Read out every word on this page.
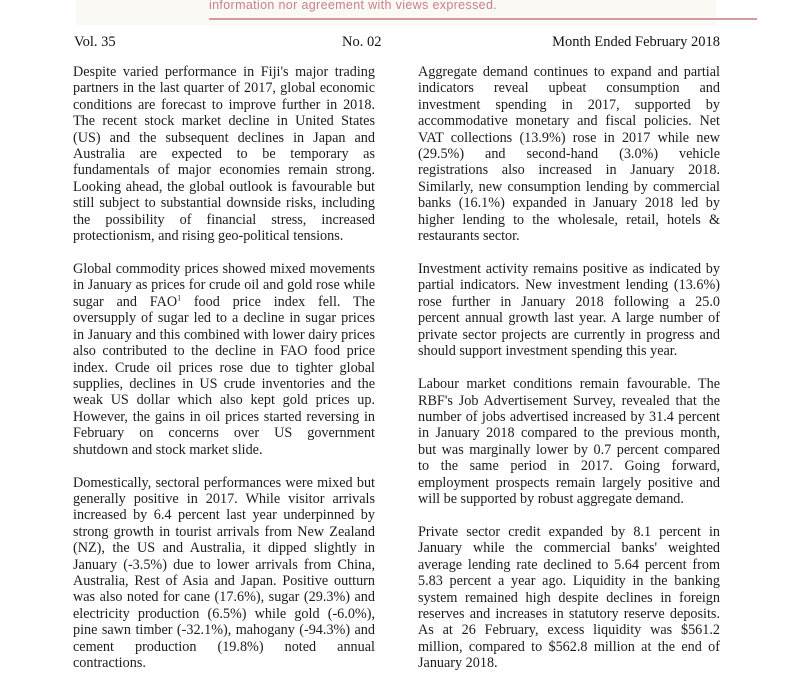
information nor agreement with views expressed.
Vol. 35	No. 02	Month Ended February 2018

Despite varied performance in Fiji's major trading partners in the last quarter of 2017, global economic conditions are forecast to improve further in 2018. The recent stock market decline in United States (US) and the subsequent declines in Japan and Australia are expected to be temporary as fundamentals of major economies remain strong. Looking ahead, the global outlook is favourable but still subject to substantial downside risks, including the possibility of financial stress, increased protectionism, and rising geo-political tensions.

Global commodity prices showed mixed movements in January as prices for crude oil and gold rose while sugar and FAO$^1$ food price index fell. The oversupply of sugar led to a decline in sugar prices in January and this combined with lower dairy prices also contributed to the decline in FAO food price index. Crude oil prices rose due to tighter global supplies, declines in US crude inventories and the weak US dollar which also kept gold prices up. However, the gains in oil prices started reversing in February on concerns over US government shutdown and stock market slide.

Domestically, sectoral performances were mixed but generally positive in 2017. While visitor arrivals increased by 6.4 percent last year underpinned by strong growth in tourist arrivals from New Zealand (NZ), the US and Australia, it dipped slightly in January (-3.5%) due to lower arrivals from China, Australia, Rest of Asia and Japan. Positive outturn was also noted for cane (17.6%), sugar (29.3%) and electricity production (6.5%) while gold (-6.0%), pine sawn timber (-32.1%), mahogany (-94.3%) and cement production (19.8%) noted annual contractions.

Aggregate demand continues to expand and partial indicators reveal upbeat consumption and investment spending in 2017, supported by accommodative monetary and fiscal policies. Net VAT collections (13.9%) rose in 2017 while new (29.5%) and second-hand (3.0%) vehicle registrations also increased in January 2018. Similarly, new consumption lending by commercial banks (16.1%) expanded in January 2018 led by higher lending to the wholesale, retail, hotels & restaurants sector.

Investment activity remains positive as indicated by partial indicators. New investment lending (13.6%) rose further in January 2018 following a 25.0 percent annual growth last year. A large number of private sector projects are currently in progress and should support investment spending this year.

Labour market conditions remain favourable. The RBF's Job Advertisement Survey, revealed that the number of jobs advertised increased by 31.4 percent in January 2018 compared to the previous month, but was marginally lower by 0.7 percent compared to the same period in 2017. Going forward, employment prospects remain largely positive and will be supported by robust aggregate demand.

Private sector credit expanded by 8.1 percent in January while the commercial banks' weighted average lending rate declined to 5.64 percent from 5.83 percent a year ago. Liquidity in the banking system remained high despite declines in foreign reserves and increases in statutory reserve deposits. As at 26 February, excess liquidity was $561.2 million, compared to $562.8 million at the end of January 2018.
